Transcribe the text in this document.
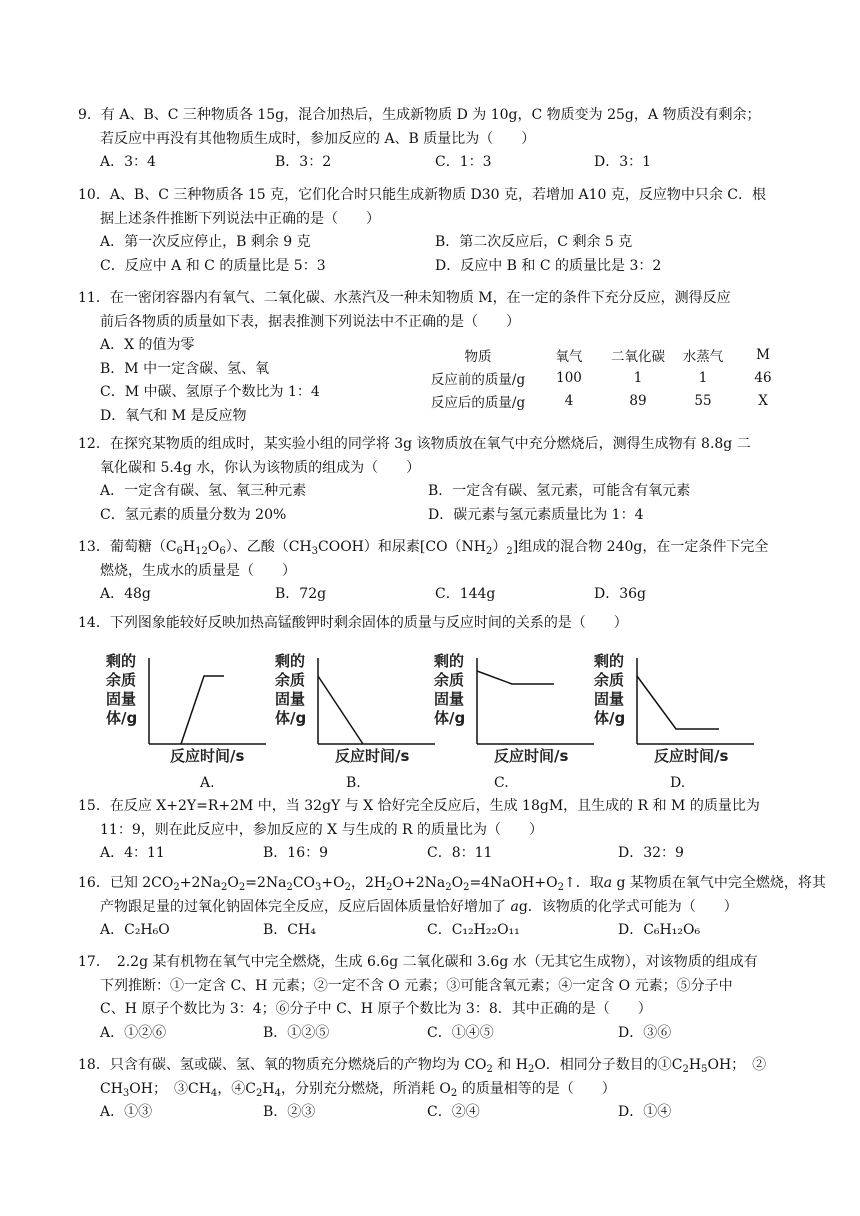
9．有 A、B、C 三种物质各 15g，混合加热后，生成新物质 D 为 10g，C 物质变为 25g，A 物质没有剩余；
若反应中再没有其他物质生成时，参加反应的 A、B 质量比为（　　）
A．3：4	B．3：2	C．1：3	D．3：1
10．A、B、C 三种物质各 15 克，它们化合时只能生成新物质 D30 克，若增加 A10 克，反应物中只余 C．根
据上述条件推断下列说法中正确的是（　　）
A．第一次反应停止，B 剩余 9 克	B．第二次反应后，C 剩余 5 克
C．反应中 A 和 C 的质量比是 5：3	D．反应中 B 和 C 的质量比是 3：2
11．在一密闭容器内有氧气、二氧化碳、水蒸汽及一种未知物质 M，在一定的条件下充分反应，测得反应
前后各物质的质量如下表，据表推测下列说法中不正确的是（　　）
A．X 的值为零
B．M 中一定含碳、氢、氧
C．M 中碳、氢原子个数比为 1：4
D．氧气和 M 是反应物
物质	氧气	二氧化碳	水蒸气	M
反应前的质量/g	100	1	1	46
反应后的质量/g	4	89	55	X
12．在探究某物质的组成时，某实验小组的同学将 3g 该物质放在氧气中充分燃烧后，测得生成物有 8.8g 二
氧化碳和 5.4g 水，你认为该物质的组成为（　　）
A．一定含有碳、氢、氧三种元素	B．一定含有碳、氢元素，可能含有氧元素
C．氢元素的质量分数为 20%	D．碳元素与氢元素质量比为 1：4
13．葡萄糖$(C_6H_{12}O_6)$、乙酸$(CH_3COOH)$和尿素$[CO(NH_2)_2]$组成的混合物 240g，在一定条件下完全
燃烧，生成水的质量是（　　）
A．48g	B．72g	C．144g	D．36g
14．下列图象能较好反映加热高锰酸钾时剩余固体的质量与反应时间的关系的是（　　）
剩的
余质
固量
体/g
反应时间/s
A.
剩的
余质
固量
体/g
反应时间/s
B.
剩的
余质
固量
体/g
反应时间/s
C.
剩的
余质
固量
体/g
反应时间/s
D.
15．在反应 X+2Y=R+2M 中，当 32gY 与 X 恰好完全反应后，生成 18gM，且生成的 R 和 M 的质量比为
11：9，则在此反应中，参加反应的 X 与生成的 R 的质量比为（　　）
A．4：11	B．16：9	C．8：11	D．32：9
16．已知 $2CO_2+2Na_2O_2=2Na_2CO_3+O_2$，$2H_2O+2Na_2O_2=4NaOH+O_2↑$．取a g 某物质在氧气中完全燃烧，将其
产物跟足量的过氧化钠固体完全反应，反应后固体质量恰好增加了 ag．该物质的化学式可能为（　　）
A．C₂H₆O	B．CH₄	C．C₁₂H₂₂O₁₁	D．C₆H₁₂O₆
17．　2.2g 某有机物在氧气中完全燃烧，生成 6.6g 二氧化碳和 3.6g 水（无其它生成物），对该物质的组成有
下列推断：①一定含 C、H 元素；②一定不含 O 元素；③可能含氧元素；④一定含 O 元素；⑤分子中
C、H 原子个数比为 3：4；⑥分子中 C、H 原子个数比为 3：8．其中正确的是（　　）
A．①②⑥	B．①②⑤	C．①④⑤	D．③⑥
18．只含有碳、氢或碳、氢、氧的物质充分燃烧后的产物均为 $CO_2$ 和 $H_2O$．相同分子数目的$①C_2H_5OH$；　②
$CH_3OH$；　$③CH_4$，$④C_2H_4$，分别充分燃烧，所消耗 $O_2$ 的质量相等的是（　　）
A．①③	B．②③	C．②④	D．①④
